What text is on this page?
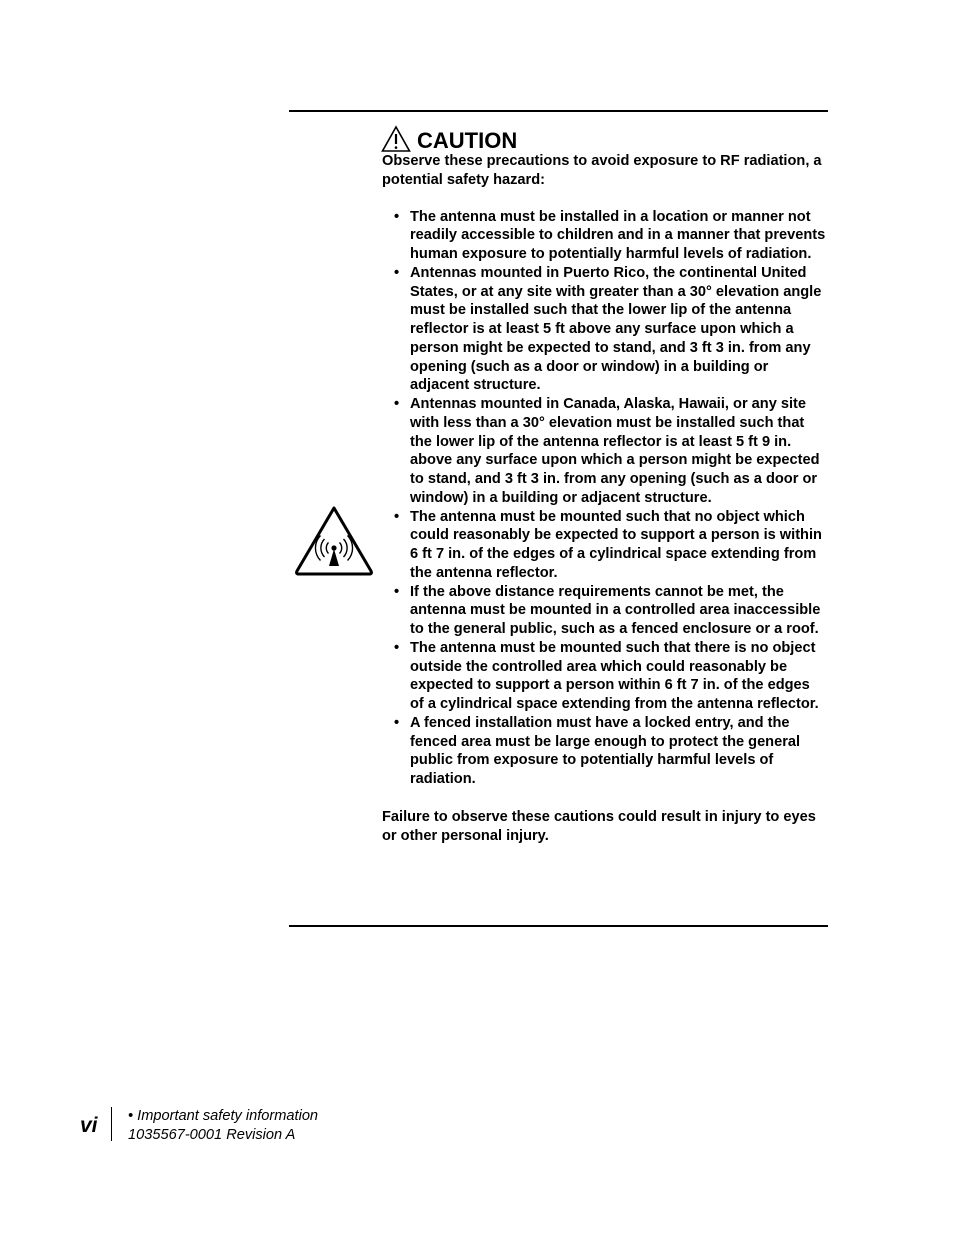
CAUTION

Observe these precautions to avoid exposure to RF radiation, a potential safety hazard:

• The antenna must be installed in a location or manner not readily accessible to children and in a manner that prevents human exposure to potentially harmful levels of radiation.
• Antennas mounted in Puerto Rico, the continental United States, or at any site with greater than a 30° elevation angle must be installed such that the lower lip of the antenna reflector is at least 5 ft above any surface upon which a person might be expected to stand, and 3 ft 3 in. from any opening (such as a door or window) in a building or adjacent structure.
• Antennas mounted in Canada, Alaska, Hawaii, or any site with less than a 30° elevation must be installed such that the lower lip of the antenna reflector is at least 5 ft 9 in. above any surface upon which a person might be expected to stand, and 3 ft 3 in. from any opening (such as a door or window) in a building or adjacent structure.
• The antenna must be mounted such that no object which could reasonably be expected to support a person is within 6 ft 7 in. of the edges of a cylindrical space extending from the antenna reflector.
• If the above distance requirements cannot be met, the antenna must be mounted in a controlled area inaccessible to the general public, such as a fenced enclosure or a roof.
• The antenna must be mounted such that there is no object outside the controlled area which could reasonably be expected to support a person within 6 ft 7 in. of the edges of a cylindrical space extending from the antenna reflector.
• A fenced installation must have a locked entry, and the fenced area must be large enough to protect the general public from exposure to potentially harmful levels of radiation.

Failure to observe these cautions could result in injury to eyes or other personal injury.

vi • Important safety information
1035567-0001 Revision A
